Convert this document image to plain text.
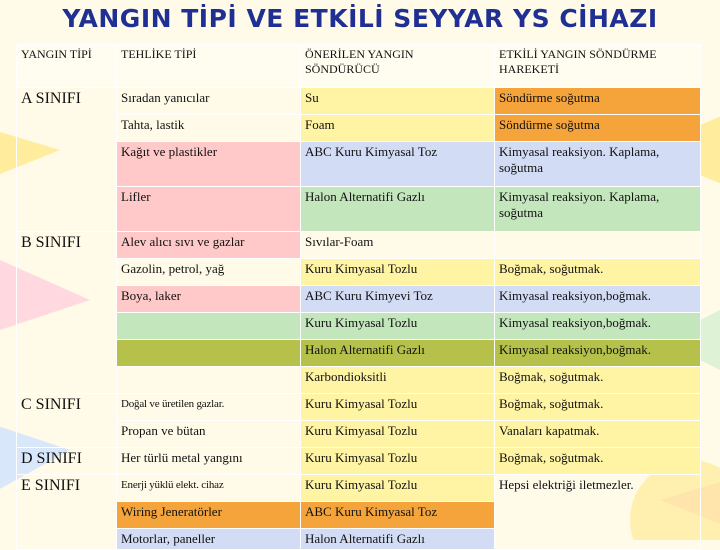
YANGIN TİPİ VE ETKİLİ SEYYAR YS CİHAZI
YANGIN TİPİ	TEHLİKE TİPİ	ÖNERİLEN YANGIN SÖNDÜRÜCÜ	ETKİLİ YANGIN SÖNDÜRME HAREKETİ
A SINIFI	Sıradan yanıcılar	Su	Söndürme soğutma
	Tahta, lastik	Foam	Söndürme soğutma
	Kağıt ve plastikler	ABC Kuru Kimyasal Toz	Kimyasal reaksiyon. Kaplama, soğutma
	Lifler	Halon Alternatifi Gazlı	Kimyasal reaksiyon. Kaplama, soğutma
B SINIFI	Alev alıcı sıvı ve gazlar	Sıvılar-Foam	
	Gazolin, petrol, yağ	Kuru Kimyasal Tozlu	Boğmak, soğutmak.
	Boya, laker	ABC Kuru Kimyevi Toz	Kimyasal reaksiyon,boğmak.
		Kuru Kimyasal Tozlu	Kimyasal reaksiyon,boğmak.
		Halon Alternatifi Gazlı	Kimyasal reaksiyon,boğmak.
		Karbondioksitli	Boğmak, soğutmak.
C SINIFI	Doğal ve üretilen gazlar.	Kuru Kimyasal Tozlu	Boğmak, soğutmak.
	Propan ve bütan	Kuru Kimyasal Tozlu	Vanaları kapatmak.
D SINIFI	Her türlü metal yangını	Kuru Kimyasal Tozlu	Boğmak, soğutmak.
E SINIFI	Enerji yüklü elekt. cihaz	Kuru Kimyasal Tozlu	Hepsi elektriği iletmezler.
	Wiring Jeneratörler	ABC Kuru Kimyasal Toz	
	Motorlar, paneller	Halon Alternatifi Gazlı	
